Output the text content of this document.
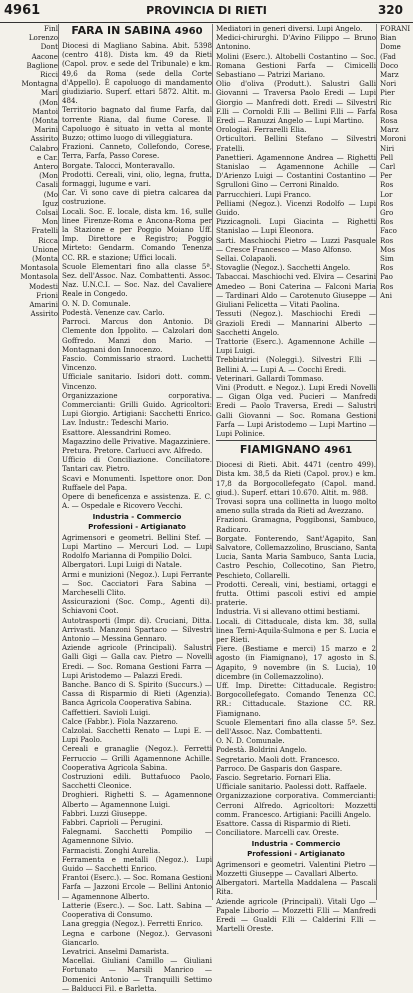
4961	PROVINCIA DI RIETI	320

Finl

Lorenzo

Dont

Aacone

Baglione

Ricci

Montagna

Mari

(Mon

Mantoi

(Monta

Marini

Assirito

Calabro

e Car.

Antero

(Mon

Casali

(Mo

Iguz

Colsai

Mon

Fratelli

Ricca

Unione

(Monta

Montasola

Montasola

Modesti

Frioni

Amarini

Assirito

FARA IN SABINA 4960

Diocesi di Magliano Sabina. Abit. 5398 (centro 418). Dista km. 49 da Rieti (Capol. prov. e sede del Tribunale) e km. 49,6 da Roma (sede della Corte d'Appello). È capoluogo di mandamento giudiziario. Superf. ettari 5872. Altit. m. 484.

Territorio bagnato dal fiume Farfa, dal torrente Riana, dal fiume Corese. Il Capoluogo è situato in vetta al monte Buzzo; ottimo luogo di villeggiatura.

Frazioni. Canneto, Collefondo, Corese, Terra, Farfa, Passo Corese.

Borgate. Talocci, Monteravallo.

Prodotti. Cereali, vini, olio, legna, frutta, formaggi, lugume e vari.

Car. Vi sono cave di pietra calcarea da costruzione.

Locali. Soc. E. locale, dista km. 16, sulle linee Firenze-Roma e Ancona-Roma per la Stazione e per Poggio Moiano Uff. Imp. Direttore e Registro; Poggio Mirteto: Gendarm. Comando Tenenza CC. RR. e stazione; Uffici locali.

Scuole Elementari fino alla classe 5ª. Sez. dell'Assoc. Naz. Combattenti. Assoc. Naz. U.N.C.I. — Soc. Naz. del Cavaliere Reale in Congedo.

O. N. D. Comunale.

Podestà. Venenze cav. Carlo.

Parroci. Marcus don Antonio. Di Clemente don Ippolito. — Calzolari don Goffredo. Manzi don Mario. — Montagnani don Innocenzo.

Fascio. Commissario straord. Luchetti Vincenzo.

Ufficiale sanitario. Isidori dott. comm. Vincenzo.

Organizzazione corporativa. Commercianti: Grilli Guido. Agricoltori: Lupi Giorgio. Artigiani: Sacchetti Enrico. Lav. Industr.: Tedeschi Mario.

Esattore. Alessandrini Romeo.

Magazzino delle Privative. Magazziniere.

Pretura. Pretore. Carlucci avv. Alfredo.

Ufficio di Conciliazione. Conciliatore. Tantari cav. Pietro.

Scavi e Monumenti. Ispettore onor. Don Ruffaele del Papa.

Opere di beneficenza e assistenza. E. C. A. — Ospedale e Ricovero Vecchi.

Industria - Commercio
Professioni - Artigianato

Agrimensori e geometri. Bellini Stef. — Lupi Martino — Mercuri Lod. — Lupi Rodolfo Marianna di Pompilio Dolci.

Albergatori. Lupi Luigi di Natale.

Armi e munizioni (Negoz.). Lupi Ferrante — Soc. Cacciatori Fara Sabina — Marcheselli Clito.

Assicurazioni (Soc. Comp., Agenti di). Schiavoni Coot.

Autotrasporti (Impr. di). Cruciani, Ditta. Arrivasti. Manzoni Spartaco — Silvestri Antonio — Messina Gennaro.

Aziende agricole (Principali). Salustri Galli Gigi — Galla cav. Pietro — Novelli Eredi. — Soc. Romana Gestioni Farra — Lupi Aristodemo — Palazzi Eredi.

Banche. Banco di S. Spirito (Succurs.) — Cassa di Risparmio di Rieti (Agenzia). Banca Agricola Cooperativa Sabina.

Caffettieri. Savioli Luigi.

Calce (Fabbr.). Fiola Nazzareno.

Calzolai. Sacchetti Renato — Lupi E. — Lupi Paolo.

Cereali e granaglie (Negoz.). Ferretti Ferruccio — Grilli Agamennone Achille. Cooperativa Agricola Sabina.

Costruzioni edili. Buttafuoco Paolo, Sacchetti Cleonice.

Droghieri. Righetti S. — Agamennone Alberto — Agamennone Luigi.

Fabbri. Luzzi Giuseppe.

Fabbri. Caprioli — Perugini.

Falegnami. Sacchetti Pompilio — Agamennone Silvio.

Farmacisti. Zonghi Aurelia.

Ferramenta e metalli (Negoz.). Lupi Guido — Sacchetti Enrico.

Frantoi (Eserc.). — Soc. Romana Gestioni Farfa — Jazzoni Ercole — Bellini Antonio — Agamennone Alberto.

Latterie (Eserc.). — Soc. Latt. Sabina — Cooperativa di Consumo.

Lana greggia (Negoz.). Ferretti Enrico.

Legna e carbone (Negoz.). Gervasoni Giancarlo.

Levatrici. Anselmi Damarista.

Macellai. Giuliani Camillo — Giuliani Fortunato — Marsili Manrico — Domenici Antonio — Tranquilli Settimo — Balducci Fil. e Barletta.

Mediatori in generi diversi. Lupi Angelo.

Medici-chirurghi. D'Avino Filippo — Bruno Antonino.

Molini (Eserc.). Altobelli Costantino — Soc. Romana Gestioni Farfa — Cimicelli Sebastiano — Patrizi Mariano.

Olio d'oliva (Produtt.). Salustri Galli Giovanni — Traversa Paolo Eredi — Lupi Giorgio — Manfredi dott. Eredi — Silvestri F.lli — Cornoldi F.lli — Bellini F.lli — Farfa Eredi — Ranuzzi Angelo — Lupi Martino.

Orologiai. Ferrarelli Elia.

Orticultori. Bellini Stefano — Silvestri Fratelli.

Panettieri. Agamennone Andrea — Righetti Stanislao — Agamennone Achille — D'Arienzo Luigi — Costantini Costantino — Sgrulloni Gino — Cerroni Rinaldo.

Parrucchieri. Lupi Franco.

Pelliami (Negoz.). Vicenzi Rodolfo — Lupi Guido.

Pizzicagnoli. Lupi Giacinta — Righetti Stanislao — Lupi Eleonora.

Sarti. Maschiochi Pietro — Luzzi Pasquale — Cresce Francesco — Maso Alfonso.

Sellai. Colapaoli.

Stovaglie (Negoz.). Sacchetti Angelo.

Tabaccai. Maschiochi ved. Elvira — Cesarini Amedeo — Boni Caterina — Falconi Maria — Tardinari Aldo — Carotenuto Giuseppe — Giuliani Felicetta — Vitati Paolina.

Tessuti (Negoz.). Maschiochi Eredi — Grazioli Eredi — Mannarini Alberto — Sacchetti Angelo.

Trattorie (Eserc.). Agamennone Achille — Lupi Luigi.

Trebbiatrici (Noleggi.). Silvestri F.lli — Bellini A. — Lupi A. — Cocchi Eredi.

Veterinari. Gallardi Tommaso.

Vini (Produtt. e Negoz.). Lupi Eredi Novelli — Gigan Olga ved. Pucieri — Manfredi Eredi — Paolo Traversa, Eredi — Salustri Galli Giovanni — Soc. Romana Gestioni Farfa — Lupi Aristodemo — Lupi Martino — Lupi Polinice.

FIAMIGNANO 4961

Diocesi di Rieti. Abit. 4471 (centro 499). Dista km. 38,5 da Rieti (Capol. prov.) e km. 17,8 da Borgocollefegato (Capol. mand. giud.). Superf. ettari 10.670. Altit. m. 988.

Trovasi sopra una collinetta in luogo molto ameno sulla strada da Rieti ad Avezzano.

Frazioni. Gramagna, Poggibonsi, Sambuco, Radicaro.

Borgate. Fonterendo, Sant'Agapito, San Salvatore, Collemazzolino, Brusciano, Santa Lucia, Santa Maria Sambuco, Santa Lucia, Castro Peschio, Collecotino, San Pietro, Peschieto, Collarelli.

Prodotti. Cereali, vini, bestiami, ortaggi e frutta. Ottimi pascoli estivi ed ampie praterie.

Industria. Vi si allevano ottimi bestiami.

Locali. di Cittaducale, dista km. 38, sulla linea Terni-Aquila-Sulmona e per S. Lucia e per Rieti.

Fiere. (Bestiame e merci) 15 marzo e 2 agosto (in Fiamignano), 17 agosto in S. Agapito, 9 novembre (in S. Lucia), 10 dicembre (in Collemazzolino).

Uff. Imp. Dirette: Cittaducale. Registro: Borgocollefegato. Comando Tenenza CC. RR.: Cittaducale. Stazione CC. RR. Fiamignano.

Scuole Elementari fino alla classe 5ª. Sez. dell'Assoc. Naz. Combattenti.

O. N. D. Comunale.

Podestà. Boldrini Angelo.

Segretario. Maoli dott. Francesco.

Parroco. De Gasparis don Gaspare.

Fascio. Segretario. Fornari Elia.

Ufficiale sanitario. Paolessi dott. Raffaele.

Organizzazione corporativa. Commercianti: Cerroni Alfredo. Agricoltori: Mozzetti comm. Francesco. Artigiani: Pacilli Angelo.

Esattore. Cassa di Risparmio di Rieti.

Conciliatore. Marcelli cav. Oreste.

Industria - Commercio
Professioni - Artigianato

Agrimensori e geometri. Valentini Pietro — Mozzetti Giuseppe — Cavallari Alberto.

Albergatori. Martella Maddalena — Pascali Rita.

Aziende agricole (Principali). Vitali Ugo — Papale Liborio — Mozzetti F.lli — Manfredi Eredi — Gualdi F.lli — Calderini F.lli — Martelli Oreste.

FORANI

Bian

Dome

(Fad

Doco

Marz

Nori

Pier

Ric

Rosa

Rosa

Marz

Moroni

Niri

Pell

Carl

Per

Ros

Lor

Ros

Gro

Ros

Faco

Ros

Mos

Sim

Ros

Pao

Ros

Ani
